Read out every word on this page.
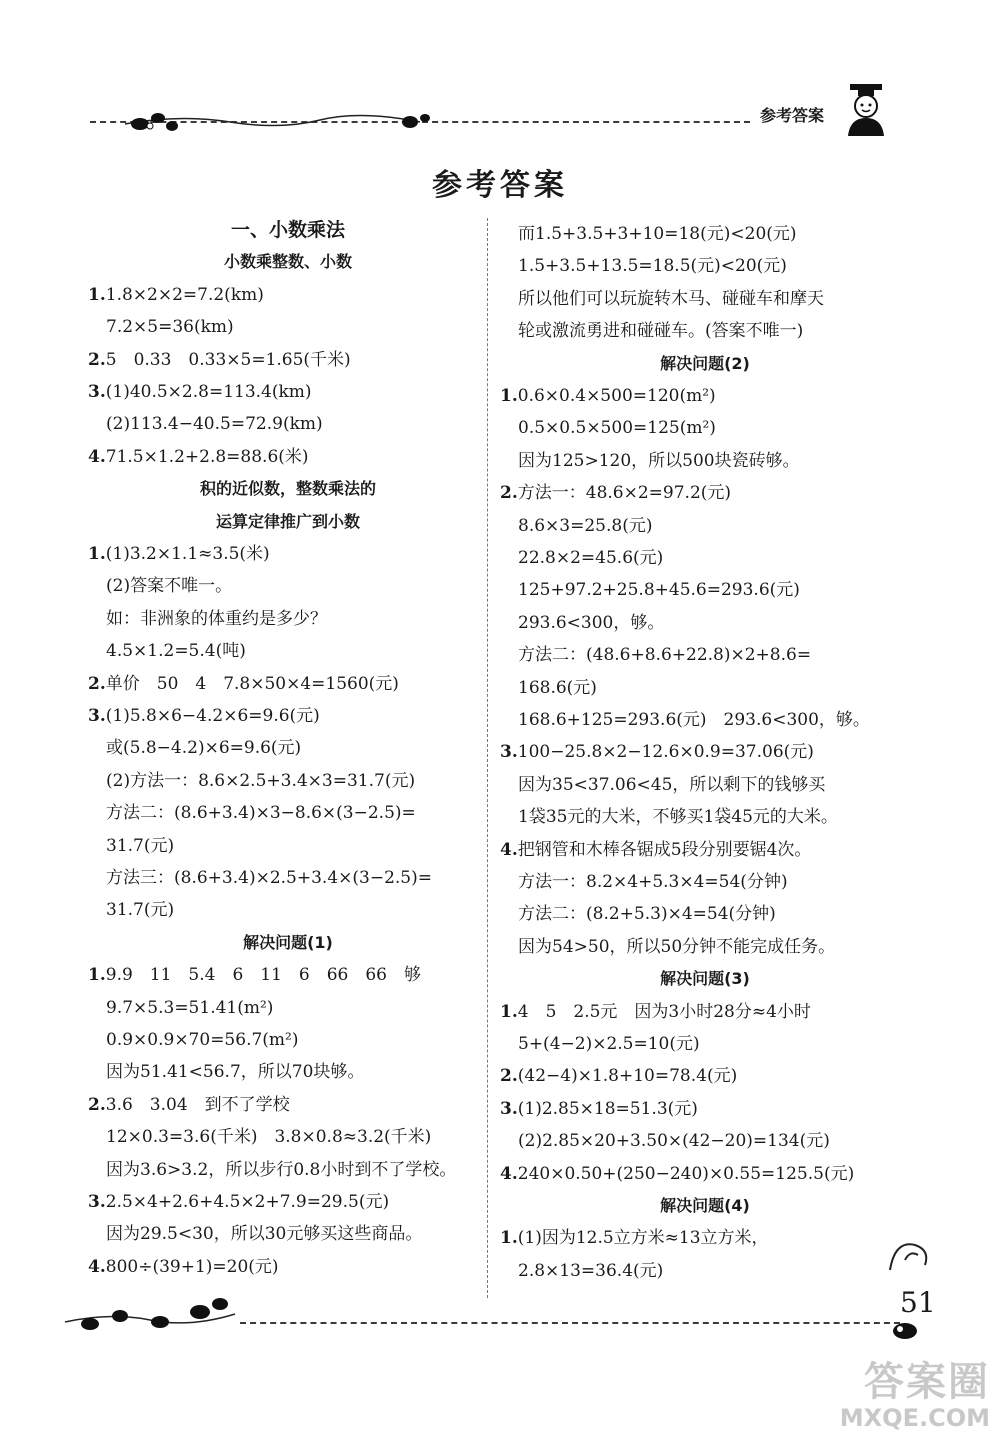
参考答案
参考答案
一、小数乘法
小数乘整数、小数
1.1.8×2×2=7.2(km)
7.2×5=36(km)
2.5　0.33　0.33×5=1.65(千米)
3.(1)40.5×2.8=113.4(km)
(2)113.4−40.5=72.9(km)
4.71.5×1.2+2.8=88.6(米)
积的近似数，整数乘法的
运算定律推广到小数
1.(1)3.2×1.1≈3.5(米)
(2)答案不唯一。
如：非洲象的体重约是多少？
4.5×1.2=5.4(吨)
2.单价　50　4　7.8×50×4=1560(元)
3.(1)5.8×6−4.2×6=9.6(元)
或(5.8−4.2)×6=9.6(元)
(2)方法一：8.6×2.5+3.4×3=31.7(元)
方法二：(8.6+3.4)×3−8.6×(3−2.5)=
31.7(元)
方法三：(8.6+3.4)×2.5+3.4×(3−2.5)=
31.7(元)
解决问题(1)
1.9.9　11　5.4　6　11　6　66　66　够
9.7×5.3=51.41(m²)
0.9×0.9×70=56.7(m²)
因为51.41<56.7，所以70块够。
2.3.6　3.04　到不了学校
12×0.3=3.6(千米)　3.8×0.8≈3.2(千米)
因为3.6>3.2，所以步行0.8小时到不了学校。
3.2.5×4+2.6+4.5×2+7.9=29.5(元)
因为29.5<30，所以30元够买这些商品。
4.800÷(39+1)=20(元)
而1.5+3.5+3+10=18(元)<20(元)
1.5+3.5+13.5=18.5(元)<20(元)
所以他们可以玩旋转木马、碰碰车和摩天
轮或激流勇进和碰碰车。(答案不唯一)
解决问题(2)
1.0.6×0.4×500=120(m²)
0.5×0.5×500=125(m²)
因为125>120，所以500块瓷砖够。
2.方法一：48.6×2=97.2(元)
8.6×3=25.8(元)
22.8×2=45.6(元)
125+97.2+25.8+45.6=293.6(元)
293.6<300，够。
方法二：(48.6+8.6+22.8)×2+8.6=
168.6(元)
168.6+125=293.6(元)　293.6<300，够。
3.100−25.8×2−12.6×0.9=37.06(元)
因为35<37.06<45，所以剩下的钱够买
1袋35元的大米，不够买1袋45元的大米。
4.把钢管和木棒各锯成5段分别要锯4次。
方法一：8.2×4+5.3×4=54(分钟)
方法二：(8.2+5.3)×4=54(分钟)
因为54>50，所以50分钟不能完成任务。
解决问题(3)
1.4　5　2.5元　因为3小时28分≈4小时
5+(4−2)×2.5=10(元)
2.(42−4)×1.8+10=78.4(元)
3.(1)2.85×18=51.3(元)
(2)2.85×20+3.50×(42−20)=134(元)
4.240×0.50+(250−240)×0.55=125.5(元)
解决问题(4)
1.(1)因为12.5立方米≈13立方米，
2.8×13=36.4(元)
51
答案圈
MXQE.COM
